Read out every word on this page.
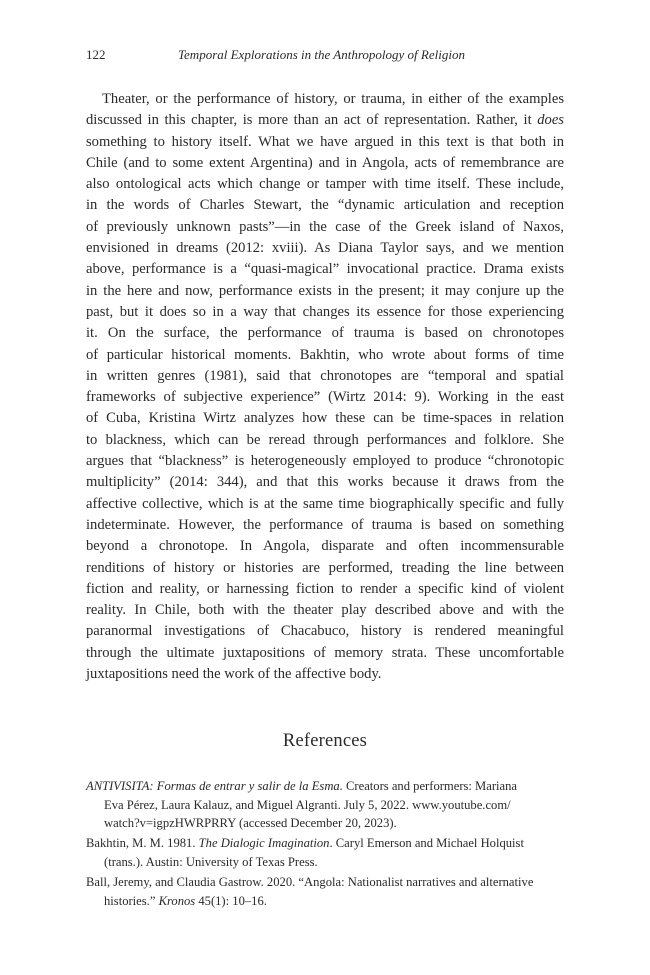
122	Temporal Explorations in the Anthropology of Religion
Theater, or the performance of history, or trauma, in either of the examples
discussed in this chapter, is more than an act of representation. Rather, it does
something to history itself. What we have argued in this text is that both in
Chile (and to some extent Argentina) and in Angola, acts of remembrance are
also ontological acts which change or tamper with time itself. These include,
in the words of Charles Stewart, the “dynamic articulation and reception
of previously unknown pasts”—in the case of the Greek island of Naxos,
envisioned in dreams (2012: xviii). As Diana Taylor says, and we mention
above, performance is a “quasi-magical” invocational practice. Drama exists
in the here and now, performance exists in the present; it may conjure up the
past, but it does so in a way that changes its essence for those experiencing
it. On the surface, the performance of trauma is based on chronotopes
of particular historical moments. Bakhtin, who wrote about forms of time
in written genres (1981), said that chronotopes are “temporal and spatial
frameworks of subjective experience” (Wirtz 2014: 9). Working in the east
of Cuba, Kristina Wirtz analyzes how these can be time-spaces in relation
to blackness, which can be reread through performances and folklore. She
argues that “blackness” is heterogeneously employed to produce “chronotopic
multiplicity” (2014: 344), and that this works because it draws from the
affective collective, which is at the same time biographically specific and fully
indeterminate. However, the performance of trauma is based on something
beyond a chronotope. In Angola, disparate and often incommensurable
renditions of history or histories are performed, treading the line between
fiction and reality, or harnessing fiction to render a specific kind of violent
reality. In Chile, both with the theater play described above and with the
paranormal investigations of Chacabuco, history is rendered meaningful
through the ultimate juxtapositions of memory strata. These uncomfortable
juxtapositions need the work of the affective body.
References
ANTIVISITA: Formas de entrar y salir de la Esma. Creators and performers: Mariana
Eva Pérez, Laura Kalauz, and Miguel Algranti. July 5, 2022. www.youtube.com/
watch?v=igpzHWRPRRY (accessed December 20, 2023).
Bakhtin, M. M. 1981. The Dialogic Imagination. Caryl Emerson and Michael Holquist
(trans.). Austin: University of Texas Press.
Ball, Jeremy, and Claudia Gastrow. 2020. “Angola: Nationalist narratives and alternative
histories.” Kronos 45(1): 10–16.
